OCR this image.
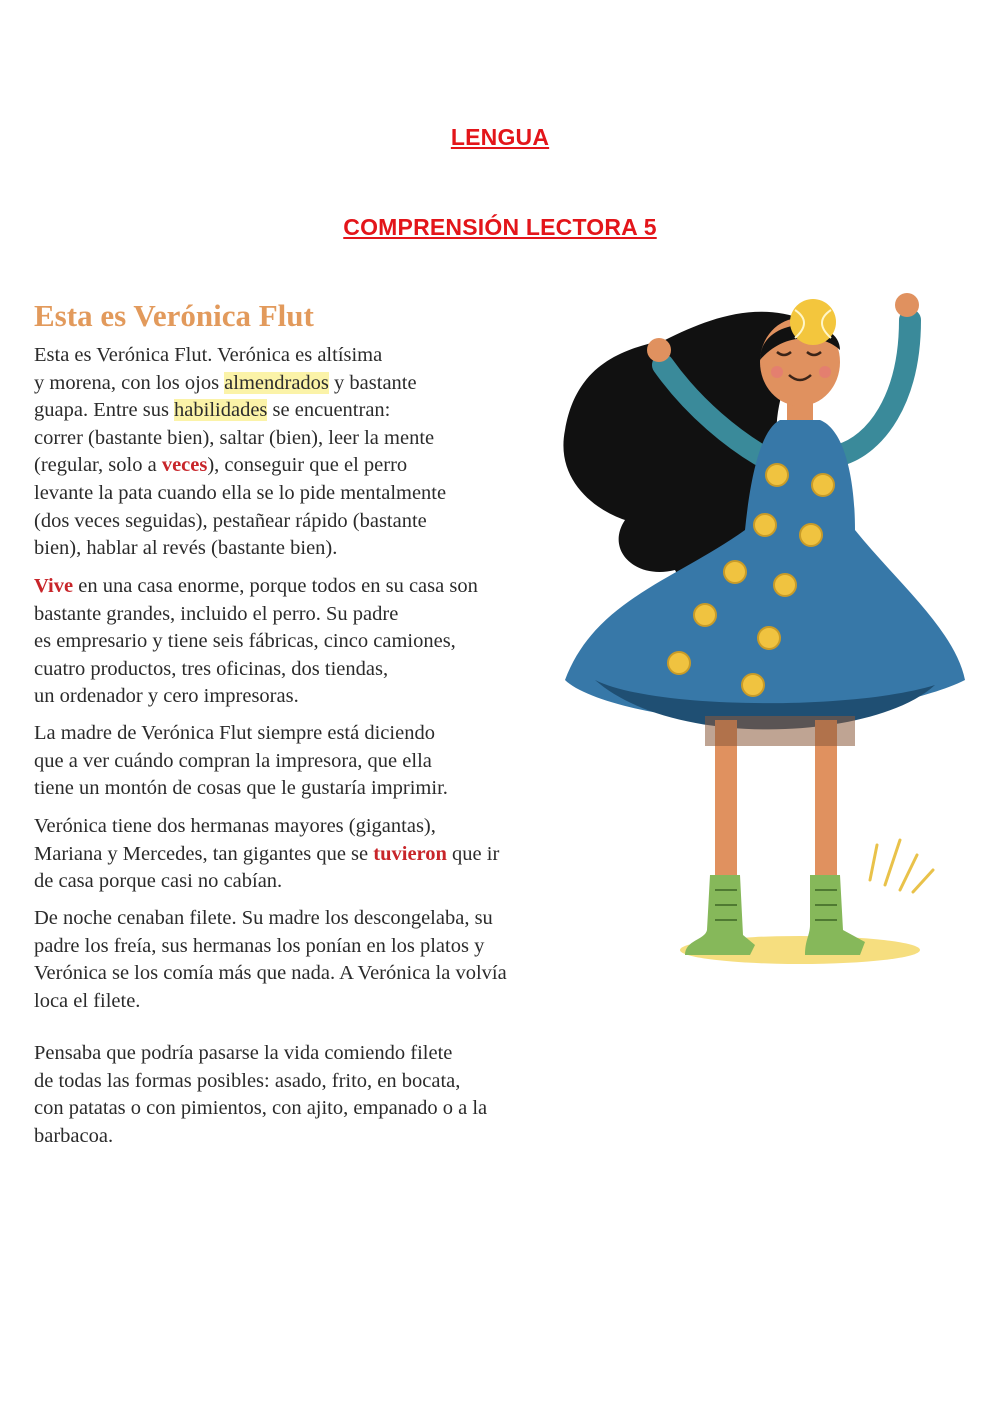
LENGUA
COMPRENSIÓN LECTORA 5
Esta es Verónica Flut
Esta es Verónica Flut. Verónica es altísima
y morena, con los ojos almendrados y bastante
guapa. Entre sus habilidades se encuentran:
correr (bastante bien), saltar (bien), leer la mente
(regular, solo a veces), conseguir que el perro
levante la pata cuando ella se lo pide mentalmente
(dos veces seguidas), pestañear rápido (bastante
bien), hablar al revés (bastante bien).
Vive en una casa enorme, porque todos en su casa son
bastante grandes, incluido el perro. Su padre
es empresario y tiene seis fábricas, cinco camiones,
cuatro productos, tres oficinas, dos tiendas,
un ordenador y cero impresoras.
La madre de Verónica Flut siempre está diciendo
que a ver cuándo compran la impresora, que ella
tiene un montón de cosas que le gustaría imprimir.
Verónica tiene dos hermanas mayores (gigantas),
Mariana y Mercedes, tan gigantes que se tuvieron que ir
de casa porque casi no cabían.
De noche cenaban filete. Su madre los descongelaba, su
padre los freía, sus hermanas los ponían en los platos y
Verónica se los comía más que nada. A Verónica la volvía
loca el filete.
Pensaba que podría pasarse la vida comiendo filete
de todas las formas posibles: asado, frito, en bocata,
con patatas o con pimientos, con ajito, empanado o a la
barbacoa.
